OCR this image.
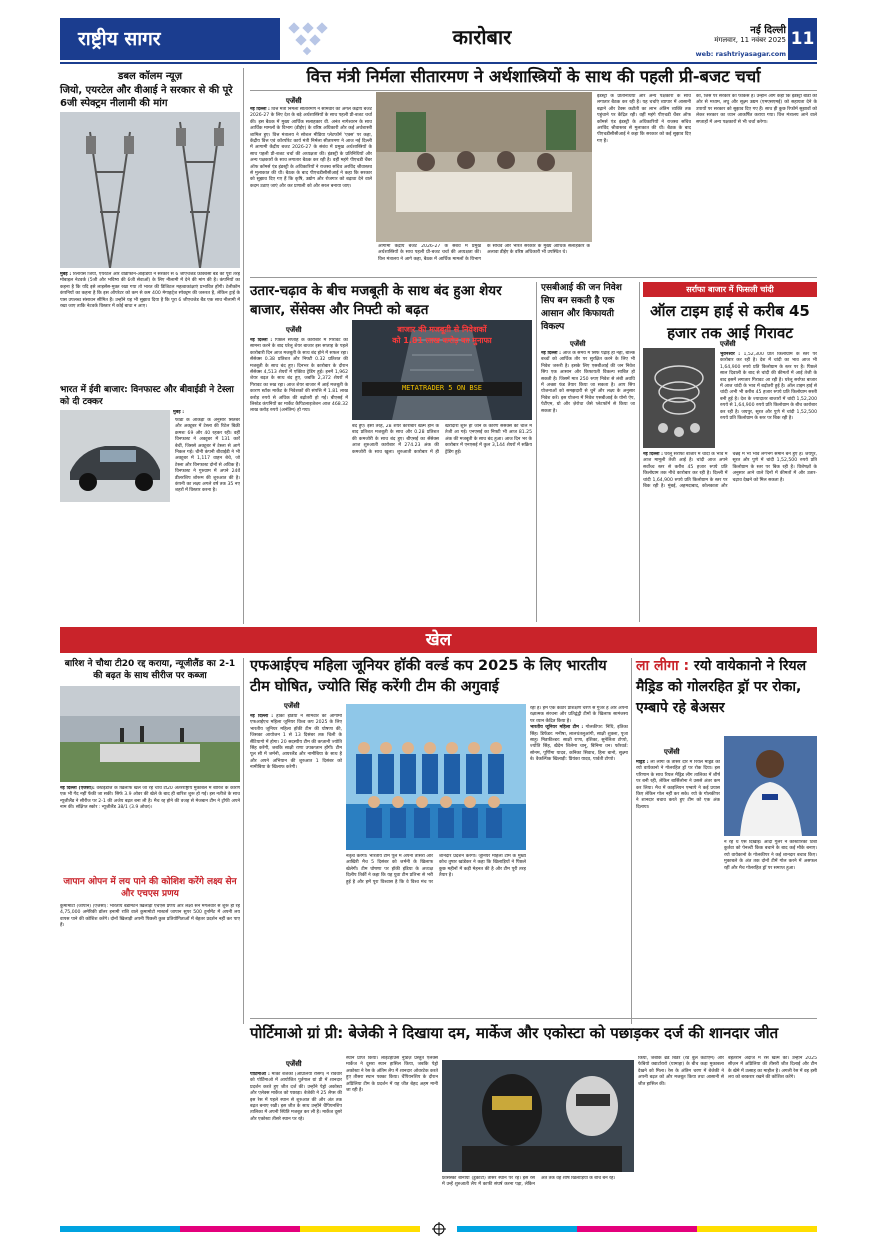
राष्ट्रीय सागर	कारोबार	नई दिल्ली
मंगलवार, 11 नवंबर 2025 11
web: rashtriyasagar.com
डबल कॉलम न्यूज़
जियो, एयरटेल और वीआई ने सरकार से की पूरे 6जी स्पेक्ट्रम नीलामी की मांग
मुंबई : रिलायंस जियो, एयरटेल और वोडाफोन-आइडिया ने सरकार से 6 जीएचजेड फ्रीक्वेंसी बैंड की पूरी तरह मोबाइल नेटवर्क (5जी और भविष्य की 6जी सेवाओं) के लिए नीलामी में देने की मांग की है। कंपनियों का कहना है कि यदि इसे लाइसेंस-मुक्त रखा गया तो भारत की डिजिटल महत्वाकांक्षाएं प्रभावित होंगी। टेलीकॉम कंपनियों का कहना है कि इस ऑपरेटर को कम से कम 400 मेगाहर्ट्ज स्पेक्ट्रम की जरूरत है, लेकिन ट्राई के पास उपलब्ध संसाधन सीमित हैं। उन्होंने यह भी सुझाव दिया है कि पूरा 6 जीएचजेड बैंड एक साथ नीलामी में रखा जाए ताकि नेटवर्क विस्तार में कोई बाधा न आए।
भारत में ईवी बाजार: विनफास्ट और बीवाईडी ने टेस्ला को दी टक्कर
मुंबई :
फाडा के आंकड़ों के अनुसार सितंबर और अक्टूबर में टेस्ला की रिटेल बिक्री क्रमशः 69 और 40 रहकर रही। वहीं विनफास्ट ने अक्टूबर में 131 कारें बेचीं, जिससे अक्टूबर में टेस्ला से आगे निकल गई। चीनी कंपनी बीवाईडी ने भी अक्टूबर में 1,117 वाहन बेचे, जो टेस्ला और विनफास्ट दोनों से अधिक हैं। विनफास्ट ने गुरुग्राम में अपने 24वें डीलरशिप शोरूम की शुरुआत की है। कंपनी का लक्ष्य अगले वर्ष तक 35 नए शहरों में विस्तार करना है।
वित्त मंत्री निर्मला सीतारमण ने अर्थशास्त्रियों के साथ की पहली प्री-बजट चर्चा
एजेंसी
नई दिल्ली : वित्त मंत्री निर्मला सीतारमण ने सोमवार को अगले केंद्रीय बजट 2026-27 के लिए देश के बड़े अर्थशास्त्रियों के साथ पहली प्री-बजट चर्चा की। इस बैठक में मुख्य आर्थिक सलाहकार वी. अनंत नागेश्वरन के साथ आर्थिक मामलों के विभाग (डीईए) के वरिष्ठ अधिकारी और कई अर्थशास्त्री शामिल हुए। वित्त मंत्रालय ने सोशल मीडिया प्लेटफॉर्म 'एक्स' पर कहा, केंद्रीय वित्त एवं कॉरपोरेट कार्य मंत्री निर्मला सीतारमण ने आज नई दिल्ली में आगामी केंद्रीय बजट 2026-27 के संबंध में प्रमुख अर्थशास्त्रियों के साथ पहली प्री-बजट चर्चा की अध्यक्षता की। इंडस्ट्री के प्रतिनिधियों और अन्य पक्षकारों के साथ लगातार बैठक कर रही है। वहीं महंगे पीएचडी चैंबर ऑफ कॉमर्स एंड इंडस्ट्री के अधिकारियों ने राजस्व सचिव अरविंद श्रीवास्तव से मुलाकात की थी। बैठक के बाद पीएचडीसीसीआई ने कहा कि सरकार को सुझाव दिए गए हैं कि कृषि, उद्योग और रोजगार को बढ़ावा देने वाले कदम उठाए जाएं और कर प्रणाली को और सरल बनाया जाए।
आगामी केंद्रीय बजट 2026-27 के संबंध में प्रमुख अर्थशास्त्रियों के साथ पहली प्री-बजट चर्चा की अध्यक्षता की। वित्त मंत्रालय ने आगे कहा, बैठक में आर्थिक मामलों के विभाग के सचिव और भारत सरकार के मुख्य आर्थिक सलाहकार के अलावा डीईए के वरिष्ठ अधिकारी भी उपस्थित थे।
इंडस्ट्री के प्रतिनिधियों और अन्य पक्षकारों के साथ लगातार बैठक कर रही है। यह चर्चाएं व्यापार में आसानी बढ़ाने और टैक्स कटौती का लाभ अंतिम व्यक्ति तक पहुंचाने पर केंद्रित रही। वहीं महंगे पीएचडी चैंबर ऑफ कॉमर्स एंड इंडस्ट्री के अधिकारियों ने राजस्व सचिव अरविंद श्रीवास्तव से मुलाकात की थी। बैठक के बाद पीएचडीसीसीआई ने कहा कि सरकार को कई सुझाव दिए गए हैं।
की, जिस पर सरकार का फोकस है। उन्होंने आगे कहा कि इंडस्ट्री बॉडी की ओर से मध्यम, लघु और सूक्ष्म उद्यम (एमएसएमई) को सहायता देने के उपायों पर सरकार को सुझाव दिए गए हैं। साथ ही कुछ रिफॉर्म सुझावों को लेकर सरकार का ध्यान आकर्षित कराया गया। वित्त मंत्रालय आने वाले सप्ताहों में अन्य पक्षकारों से भी चर्चा करेगा।
उतार-चढ़ाव के बीच मजबूती के साथ बंद हुआ शेयर बाजार, सेंसेक्स और निफ्टी को बढ़त
एजेंसी	बाजार की मजबूती से निवेशकों
को 1.81 लाख करोड़ का मुनाफा
METATRADER 5 ON BSE
नई दिल्ली : पिछले सप्ताह के कारोबार में गिरावट का सामना करने के बाद घरेलू शेयर बाजार इस सप्ताह के पहले कारोबारी दिन आज मजबूती के साथ बंद होने में सफल रहा। सेंसेक्स 0.38 प्रतिशत और निफ्टी 0.32 प्रतिशत की मजबूती के साथ बंद हुए। दिनभर के कारोबार के दौरान सेंसेक्स 4,513 शेयरों में एक्टिव ट्रेडिंग हुई। इनमें 1,962 शेयर बढ़त के साथ बंद हुए, जबकि 2,372 शेयरों में गिरावट का रुख रहा। आज शेयर बाजार में आई मजबूती के कारण स्टॉक मार्केट के निवेशकों की संपत्ति में 1.81 लाख करोड़ रुपये से अधिक की बढ़ोतरी हो गई। बीएसई में लिस्टेड कंपनियों का मार्केट कैपिटलाइजेशन आज 468.32 लाख करोड़ रुपये (अनंतिम) हो गया।
बंद हुए। इसी तरह, 28 शेयर कारोबार खत्म होने के बाद प्रतिशत मजबूती के साथ और 0.28 प्रतिशत की कमजोरी के साथ बंद हुए। बीएसई का सेंसेक्स आज शुरुआती कारोबार में 274.23 अंक की कमजोरी के साथ खुला। शुरुआती कारोबार में ही खरीदारी शुरू हो जाने के कारण सेंसेक्स की चाल में तेजी आ गई। एनएसई का निफ्टी भी आज 81.25 अंक की मजबूती के साथ बंद हुआ। आज दिन भर के कारोबार में एनएसई में कुल 3,144 शेयरों में सक्रिय ट्रेडिंग हुई।
एसबीआई की जन निवेश सिप बन सकती है एक आसान और किफायती विकल्प
एजेंसी
नई दिल्ली : आज के समय में सिर्फ पढ़ाई ही नहीं, बल्कि बच्चों को आर्थिक तौर पर सुरक्षित करने के लिए भी निवेश जरूरी है। इसके लिए एसबीआई की जन निवेश सिप एक आसान और किफायती विकल्प साबित हो सकती है। जिसमें मात्र 250 रुपए निवेश से लंबी अवधि में अच्छा फंड तैयार किया जा सकता है। आप सिप योजनाओं को समझदारी से चुनें और लक्ष्य के अनुसार निवेश करें। इस योजना में निवेश एसबीआई के योनो ऐप, पेटीएम, ग्रो और ज़ेरोधा जैसे प्लेटफॉर्म से किया जा सकता है।
सर्राफा बाजार में फिसली चांदी
ऑल टाइम हाई से करीब 45 हजार तक आई गिरावट
एजेंसी
भुवनेश्वर : 1,52,300 प्रति किलोग्राम के स्तर पर कारोबार कर रही है। देश में चांदी का भाव आज भी 1,64,900 रुपये प्रति किलोग्राम के स्तर पर है। पिछले साल दिवाली के बाद से चांदी की कीमतों में आई तेजी के बाद इसमें लगातार गिरावट आ रही है। घरेलू सर्राफा बाजार में आज चांदी के भाव में बढ़ोतरी हुई है। ऑल टाइम हाई से चांदी अभी भी करीब 45 हजार रुपये प्रति किलोग्राम सस्ती बनी हुई है। देश के ज्यादातर बाजारों में चांदी 1,52,200 रुपये से 1,64,900 रुपये प्रति किलोग्राम के बीच कारोबार कर रही है। जयपुर, सूरत और पुणे में चांदी 1,52,500 रुपये प्रति किलोग्राम के स्तर पर बिक रही है।
नई दिल्ली : घरेलू सर्राफा बाजार में चांदी के भाव में आज मामूली तेजी आई है। चांदी आज अपने सर्वोच्च स्तर से करीब 45 हजार रुपये प्रति किलोग्राम तक नीचे कारोबार कर रही है। दिल्ली में चांदी 1,64,900 रुपये प्रति किलोग्राम के स्तर पर बिक रही है। मुंबई, अहमदाबाद, कोलकाता और चेन्नई में भी भाव लगभग समान बने हुए हैं। जयपुर, सूरत और पुणे में चांदी 1,52,500 रुपये प्रति किलोग्राम के स्तर पर बिक रही है। विशेषज्ञों के अनुसार आने वाले दिनों में कीमतों में और उतार-चढ़ाव देखने को मिल सकता है।
खेल
बारिश ने चौथा टी20 रद्द कराया, न्यूजीलैंड का 2-1 की बढ़त के साथ सीरीज पर कब्जा
नई दिल्ली (एजेंसी): वेस्टइंडीज के खिलाफ खेले जा रहे चौथे टी20 अंतरराष्ट्रीय मुकाबले में बारिश के कारण एक भी गेंद नहीं फेंकी जा सकी। सिर्फ 3.9 ओवर की खेले के बाद ही बारिश शुरू हो गई। इस नतीजे के साथ न्यूजीलैंड ने सीरीज पर 2-1 की अजेय बढ़त बना ली है। मैच रद्द होने की वजह से मेजबान टीम ने ट्रॉफी अपने नाम की। संक्षिप्त स्कोर : न्यूजीलैंड 38/1 (3.9 ओवर)।
जापान ओपन में लय पाने की कोशिश करेंगे लक्ष्य सेन और एचएस प्रणय
कुमामोटो (जापान) (एजेंसी): भारतीय बैडमिंटन खिलाड़ी एचएस प्रणय और लक्ष्य सेन मंगलवार से शुरू हो रहे 4,75,000 अमेरिकी डॉलर इनामी राशि वाले कुमामोटो मास्टर्स जापान सुपर 500 टूर्नामेंट में अपनी लय वापस पाने की कोशिश करेंगे। दोनों खिलाड़ी अपनी पिछली कुछ प्रतियोगिताओं में बेहतर प्रदर्शन नहीं कर पाए हैं।
एफआईएच महिला जूनियर हॉकी वर्ल्ड कप 2025 के लिए भारतीय टीम घोषित, ज्योति सिंह करेंगी टीम की अगुवाई
एजेंसी
नई दिल्ली : हॉकी इंडिया ने सोमवार को आगामी एफआईएच महिला जूनियर विश्व कप 2025 के लिए भारतीय जूनियर महिला हॉकी टीम की घोषणा की, जिसका आयोजन 1 से 13 दिसंबर तक चिली के सैंटियागो में होगा। 20 सदस्यीय टीम की कप्तानी ज्योति सिंह करेंगी, जबकि साक्षी राणा उपकप्तान होंगी। टीम पूल सी में जर्मनी, आयरलैंड और नामीबिया के साथ है और अपने अभियान की शुरुआत 1 दिसंबर को नामीबिया के खिलाफ करेगी।
नेतृत्व करेगी। भारतीय टीम पूल में अपना तीसरा और आखिरी मैच 5 दिसंबर को जर्मनी के खिलाफ खेलेगी। टीम घोषणा पर हॉकी इंडिया के अध्यक्ष दिलीप तिर्की ने कहा कि यह युवा टीम प्रतिभा से भरी हुई है और हमें पूरा विश्वास है कि वे विश्व मंच पर शानदार प्रदर्शन करेंगी। जूनियर महिला टीम के मुख्य कोच तुषार खांडेकर ने कहा कि खिलाड़ियों ने पिछले कुछ महीनों में कड़ी मेहनत की है और टीम पूरी तरह तैयार है।
रहा है। हम एक कठोर प्रशिक्षण चरण से गुजरे हैं और अपनी रक्षात्मक संरचना और प्रतिद्वंद्वी टीमों के खिलाफ सामंजस्य पर ध्यान केंद्रित किया है।
भारतीय जूनियर महिला टीम : गोलकीपर: निधि, इतिका सिंह। डिफेंडर: मनीषा, लालथंतलुआंगी, साक्षी शुक्ला, पूजा साहू। मिडफील्डर: साक्षी राणा, इशिका, सुनेलिता टोप्पो, ज्योति सिंह, खैदेम शिलेमा चानू, बिनिमा धन। फॉरवर्ड: सोनम, पूर्णिमा यादव, कनिका सिवाच, हिना बानो, सुक्ष्मा बे। वैकल्पिक खिलाड़ी: प्रियंका यादव, पार्वती टोप्पो।
ला लीगा : रयो वायेकानो ने रियल मैड्रिड को गोलरहित ड्रॉ पर रोका, एम्बापे रहे बेअसर
एजेंसी
मैड्रिड : ला लीगा के तीसरे दौर में रियल मैड्रिड को रयो वायेकानो ने गोलरहित ड्रॉ पर रोक दिया। इस परिणाम के साथ रियल मैड्रिड लीग तालिका में शीर्ष पर बनी रही, लेकिन बार्सिलोना ने उससे अंतर कम कर लिया। मैच में काइलियन एम्बापे ने कई प्रयास किए लेकिन गोल नहीं कर सके। रयो के गोलकीपर ने शानदार बचाव करते हुए टीम को एक अंक दिलाया।
ने रहे थे ऐसे दिखाई। आर्दा गुलर ने कोस्टारिका टिबो कुर्तवा को पेनल्टी किक बचाने के बाद कई मौके बनाए। रयो वायेकानो के गोलकीपर ने कई शानदार बचाव किए। मुकाबले के अंत तक दोनों टीमें गोल करने में असफल रहीं और मैच गोलरहित ड्रॉ पर समाप्त हुआ।
पोर्टिमाओ ग्रां प्री: बेजेकी ने दिखाया दम, मार्केज और एकोस्टा को पछाड़कर दर्ज की शानदार जीत
एजेंसी
पोर्टिमाओ : मार्को बेजेकी (अप्रिलिया रेसिंग) ने रविवार को पोर्टिमाओ में आयोजित पुर्तगाल ग्रां प्री में शानदार प्रदर्शन करते हुए जीत दर्ज की। उन्होंने पेड्रो अकोस्टा और एलेक्स मार्केज को पछाड़ा। बेजेकी ने 25 लैप्स की इस रेस में पहले स्थान से शुरुआत की और अंत तक बढ़त बनाए रखी। इस जीत के साथ उन्होंने चैंपियनशिप तालिका में अपनी स्थिति मजबूत कर ली है। मार्केज दूसरे और एकोस्टा तीसरे स्थान पर रहे।
स्थान प्राप्त किया। लाइटहाउस नुडिज़ प्रस्तुत एलेक्स मार्केज ने दूसरा स्थान हासिल किया, जबकि पेड्रो अकोस्टा ने रेस के अंतिम लैप में शानदार ओवरटेक करते हुए तीसरा स्थान पक्का किया। चैंपियनशिप के दौरान अप्रिलिया टीम के प्रदर्शन में यह जीत बेहद अहम मानी जा रही है।
फ्रांसेस्को बानाया (डुकाटी) तीसरे स्थान पर रहे। इस रेस में उन्हें शुरुआती लैप में काफी संघर्ष करना पड़ा, लेकिन अंत तक वह शीर्ष खिलाड़ियों के बीच बने रहे।
किया, जबकि ब्रैड बिंडर (रेड बुल केटीएम) और फेबियो क्वार्टारारो (यामाहा) के बीच कड़ा मुकाबला देखने को मिला। रेस के अंतिम चरण में बेजेकी ने अपनी बढ़त को और मजबूत किया तथा आसानी से जीत हासिल की।
बेहतरीन अंदाज में रेस खत्म की। उन्होंने 2025 सीज़न में अप्रिलिया की तीसरी जीत दिलाई और टीम के खेमे में उत्साह का माहौल है। अगली रेस में वह इसी लय को बरकरार रखने की कोशिश करेंगे।
